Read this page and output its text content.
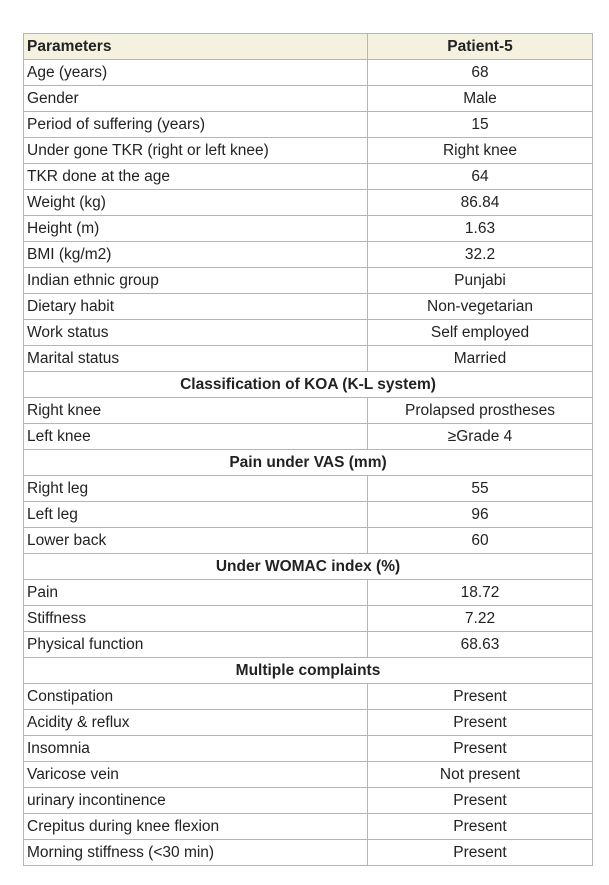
Parameters	Patient-5
Age (years)	68
Gender	Male
Period of suffering (years)	15
Under gone TKR (right or left knee)	Right knee
TKR done at the age	64
Weight (kg)	86.84
Height (m)	1.63
BMI (kg/m2)	32.2
Indian ethnic group	Punjabi
Dietary habit	Non-vegetarian
Work status	Self employed
Marital status	Married
Classification of KOA (K-L system)	
Right knee	Prolapsed prostheses
Left knee	≥Grade 4
Pain under VAS (mm)	
Right leg	55
Left leg	96
Lower back	60
Under WOMAC index (%)	
Pain	18.72
Stiffness	7.22
Physical function	68.63
Multiple complaints	
Constipation	Present
Acidity & reflux	Present
Insomnia	Present
Varicose vein	Not present
urinary incontinence	Present
Crepitus during knee flexion	Present
Morning stiffness (<30 min)	Present
